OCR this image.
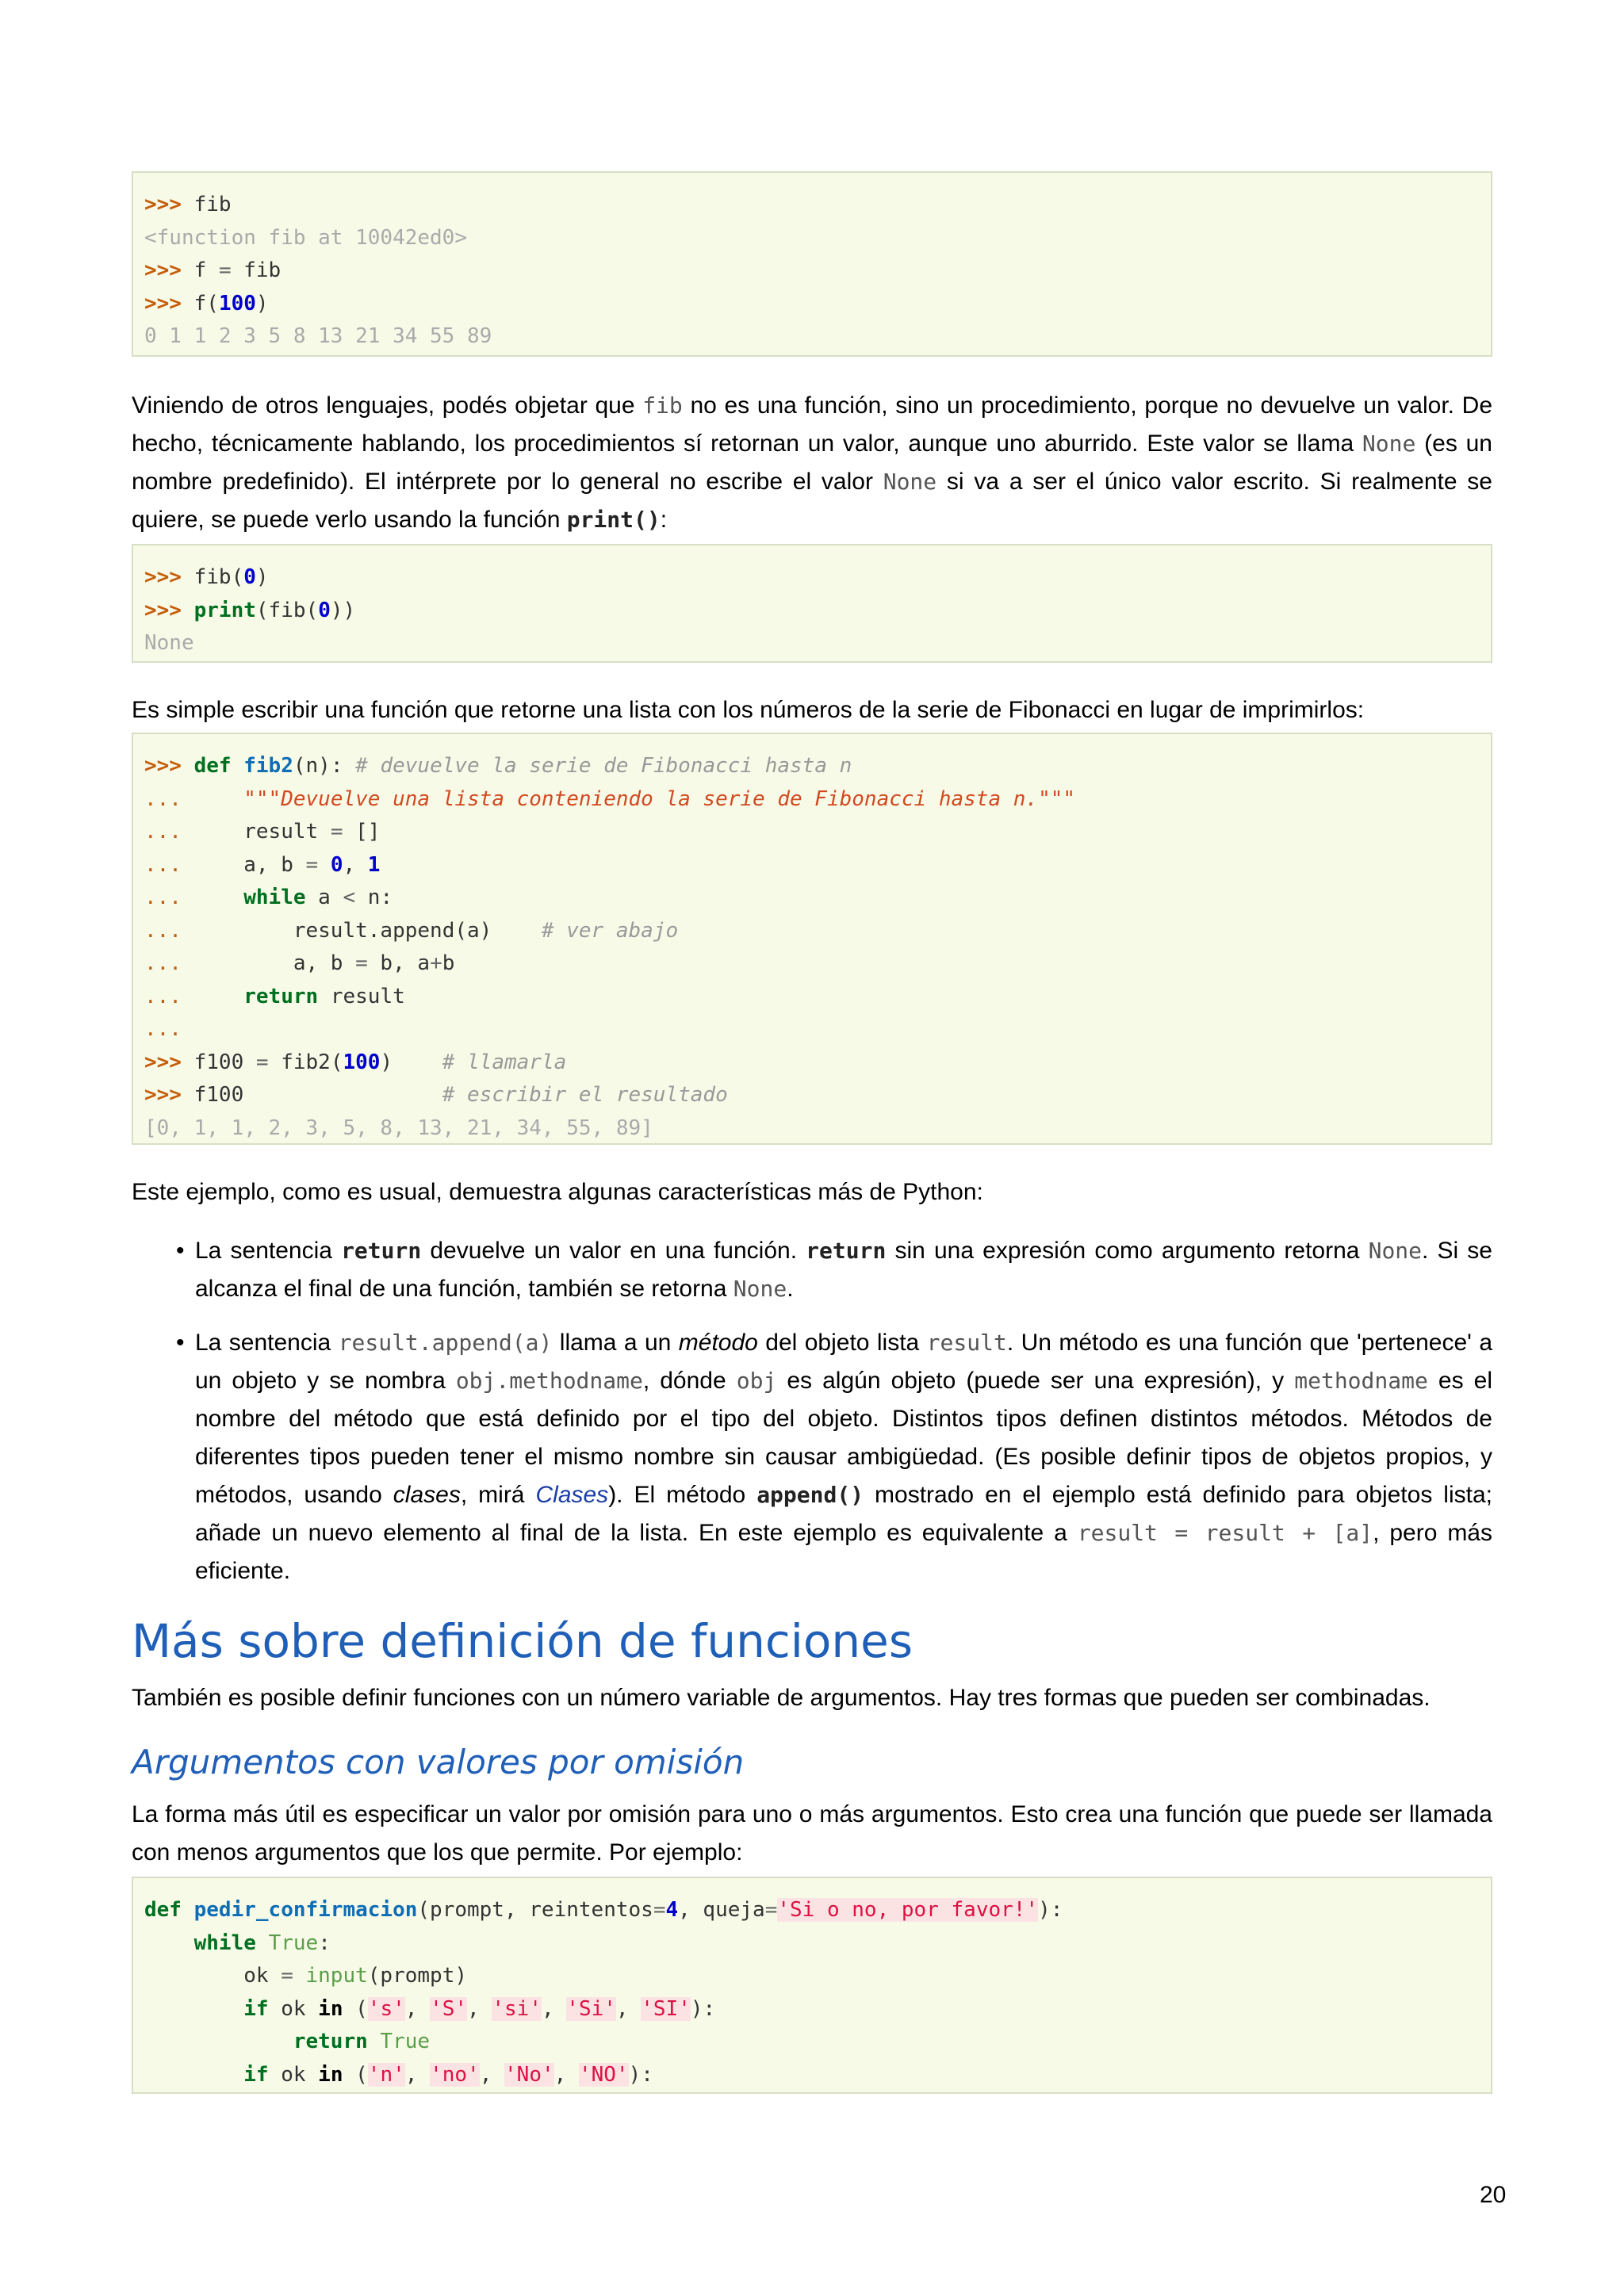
>>> fib
<function fib at 10042ed0>
>>> f = fib
>>> f(100)
0 1 1 2 3 5 8 13 21 34 55 89

Viniendo de otros lenguajes, podés objetar que fib no es una función, sino un procedimiento, porque no devuelve un valor. De hecho, técnicamente hablando, los procedimientos sí retornan un valor, aunque uno aburrido. Este valor se llama None (es un nombre predefinido). El intérprete por lo general no escribe el valor None si va a ser el único valor escrito. Si realmente se quiere, se puede verlo usando la función print():

>>> fib(0)
>>> print(fib(0))
None

Es simple escribir una función que retorne una lista con los números de la serie de Fibonacci en lugar de imprimirlos:

>>> def fib2(n): # devuelve la serie de Fibonacci hasta n
...	"""Devuelve una lista conteniendo la serie de Fibonacci hasta n."""
...     result = []
...     a, b = 0, 1
...	while a < n:
...         result.append(a)    # ver abajo
...         a, b = b, a+b
...	return result
...
>>> f100 = fib2(100)    # llamarla
>>> f100                # escribir el resultado
[0, 1, 1, 2, 3, 5, 8, 13, 21, 34, 55, 89]

Este ejemplo, como es usual, demuestra algunas características más de Python:

• La sentencia return devuelve un valor en una función. return sin una expresión como argumento retorna None. Si se alcanza el final de una función, también se retorna None.
• La sentencia result.append(a) llama a un método del objeto lista result. Un método es una función que 'pertenece' a un objeto y se nombra obj.methodname, dónde obj es algún objeto (puede ser una expresión), y methodname es el nombre del método que está definido por el tipo del objeto. Distintos tipos definen distintos métodos. Métodos de diferentes tipos pueden tener el mismo nombre sin causar ambigüedad. (Es posible definir tipos de objetos propios, y métodos, usando clases, mirá Clases). El método append() mostrado en el ejemplo está definido para objetos lista; añade un nuevo elemento al final de la lista. En este ejemplo es equivalente a result = result + [a], pero más eficiente.
Más sobre definición de funciones

También es posible definir funciones con un número variable de argumentos. Hay tres formas que pueden ser combinadas.

Argumentos con valores por omisión

La forma más útil es especificar un valor por omisión para uno o más argumentos. Esto crea una función que puede ser llamada con menos argumentos que los que permite. Por ejemplo:

def pedir_confirmacion(prompt, reintentos=4, queja='Si o no, por favor!'):
while True:
ok = input(prompt)
if ok in ('s', 'S', 'si', 'Si', 'SI'):
return True
if ok in ('n', 'no', 'No', 'NO'):
20
